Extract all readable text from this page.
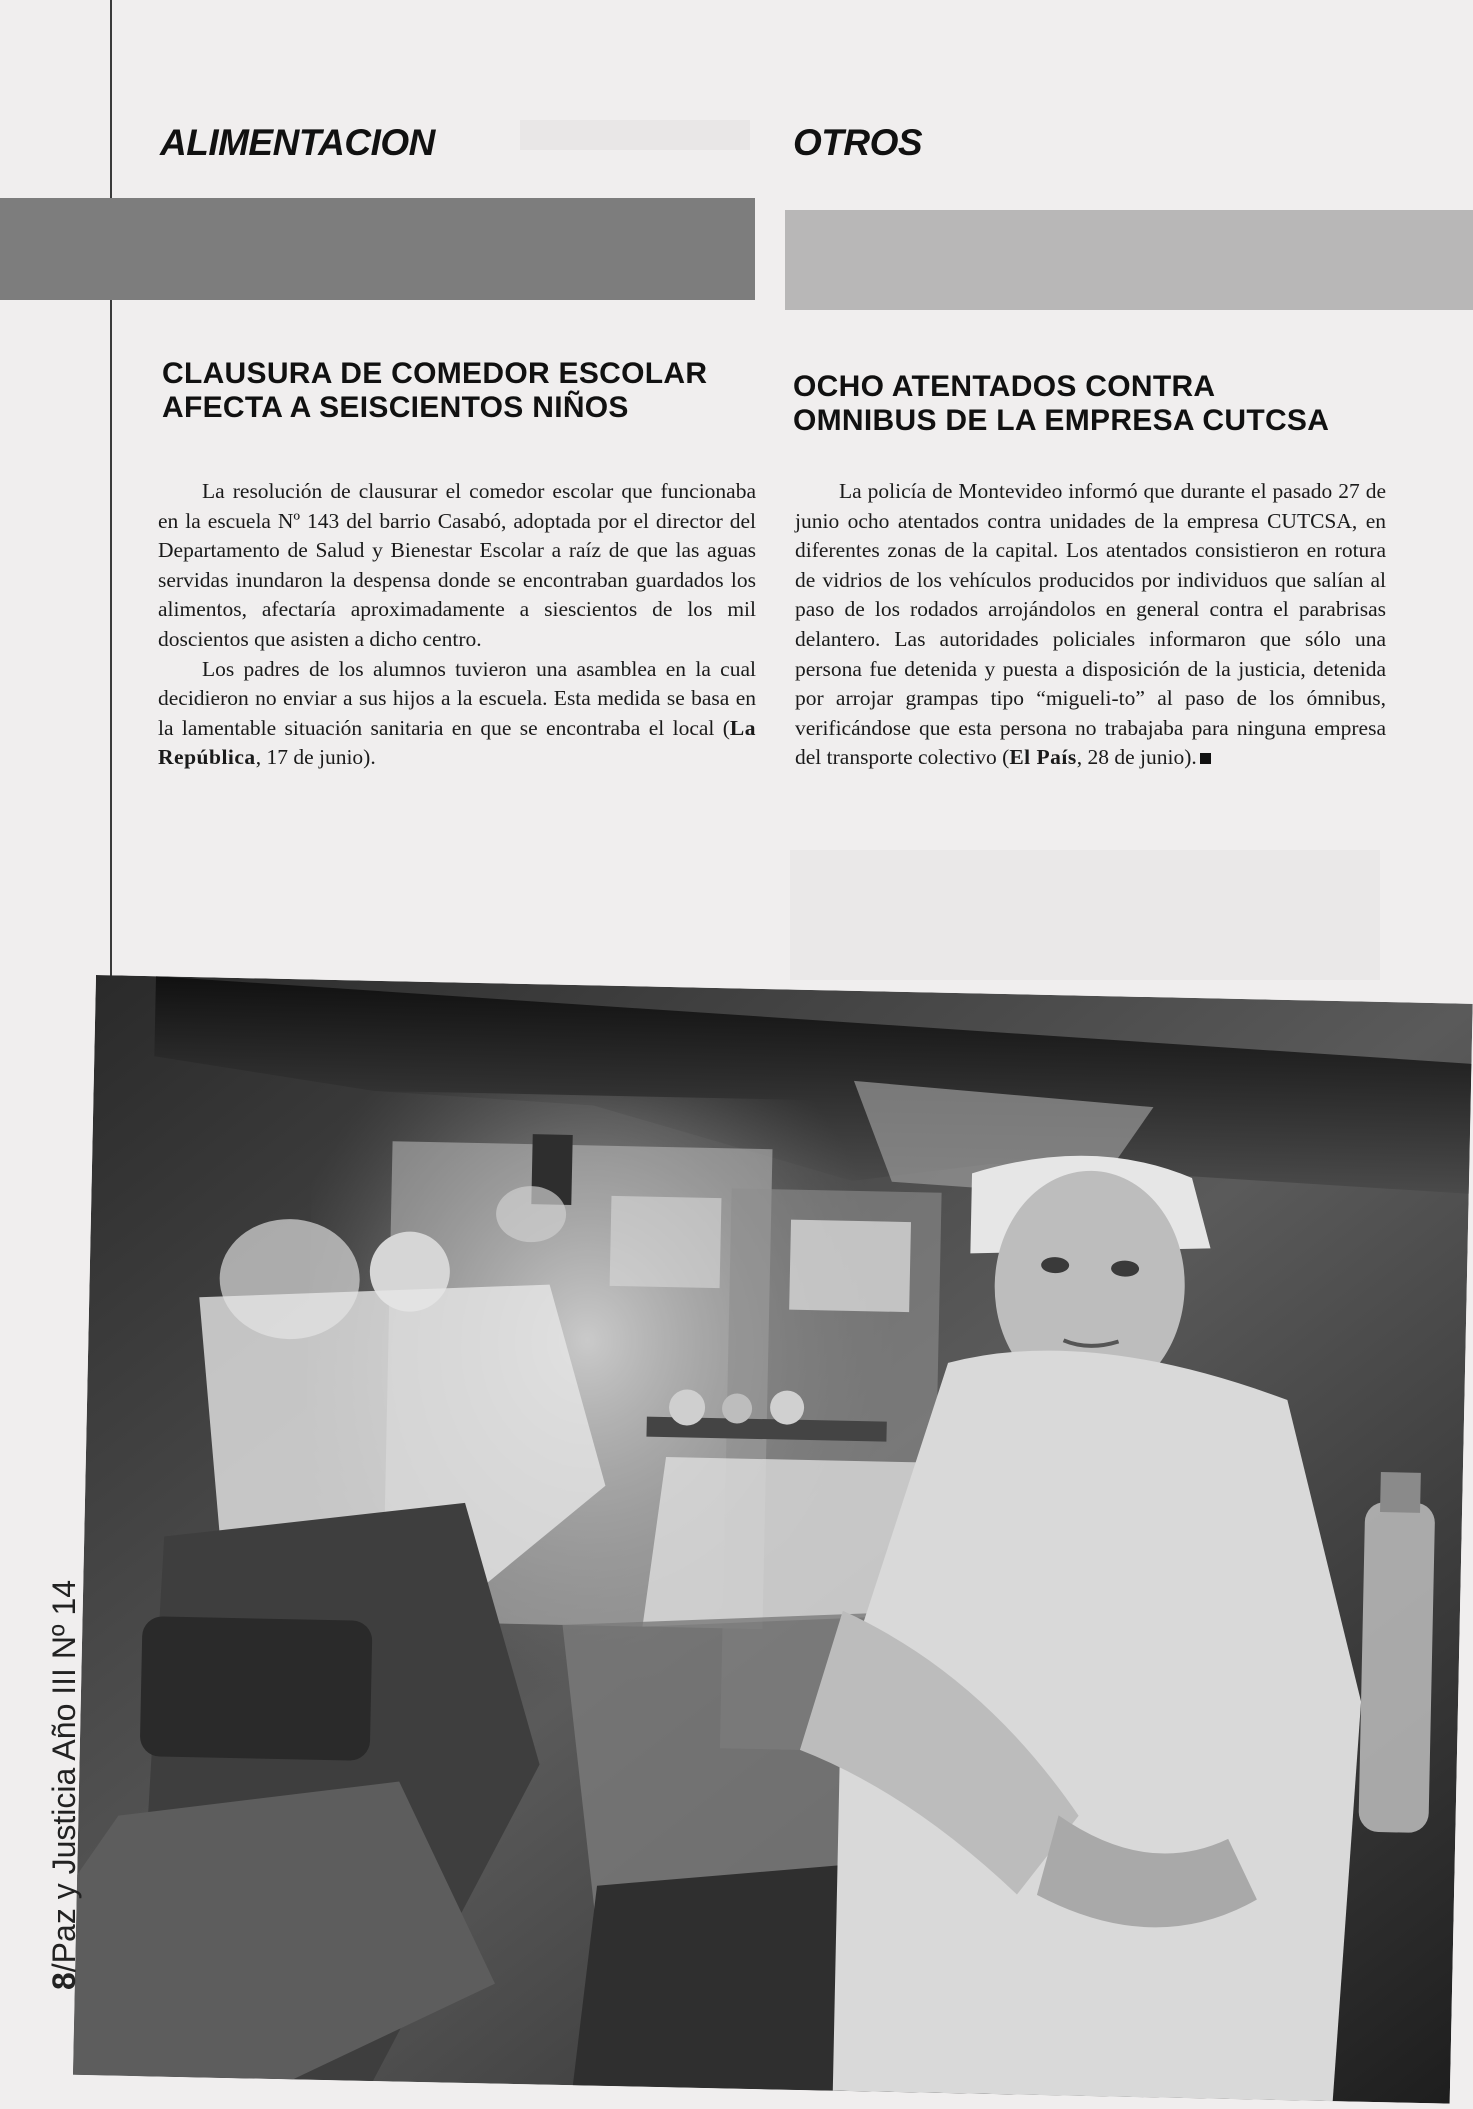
ALIMENTACION	OTROS
CLAUSURA DE COMEDOR ESCOLAR
AFECTA A SEISCIENTOS NIÑOS

La resolución de clausurar el comedor escolar que funcionaba en la escuela Nº 143 del barrio Casabó, adoptada por el director del Departamento de Salud y Bienestar Escolar a raíz de que las aguas servidas inundaron la despensa donde se encontraban guardados los alimentos, afectaría aproximadamente a siescientos de los mil doscientos que asisten a dicho centro.

Los padres de los alumnos tuvieron una asamblea en la cual decidieron no enviar a sus hijos a la escuela. Esta medida se basa en la lamentable situación sanitaria en que se encontraba el local (La República, 17 de junio).

OCHO ATENTADOS CONTRA
OMNIBUS DE LA EMPRESA CUTCSA

La policía de Montevideo informó que durante el pasado 27 de junio ocho atentados contra unidades de la empresa CUTCSA, en diferentes zonas de la capital. Los atentados consistieron en rotura de vidrios de los vehículos producidos por individuos que salían al paso de los rodados arrojándolos en general contra el parabrisas delantero. Las autoridades policiales informaron que sólo una persona fue detenida y puesta a disposición de la justicia, detenida por arrojar grampas tipo “migueli-to” al paso de los ómnibus, verificándose que esta persona no trabajaba para ninguna empresa del transporte colectivo (El País, 28 de junio).

8/Paz y Justicia Año III Nº 14
